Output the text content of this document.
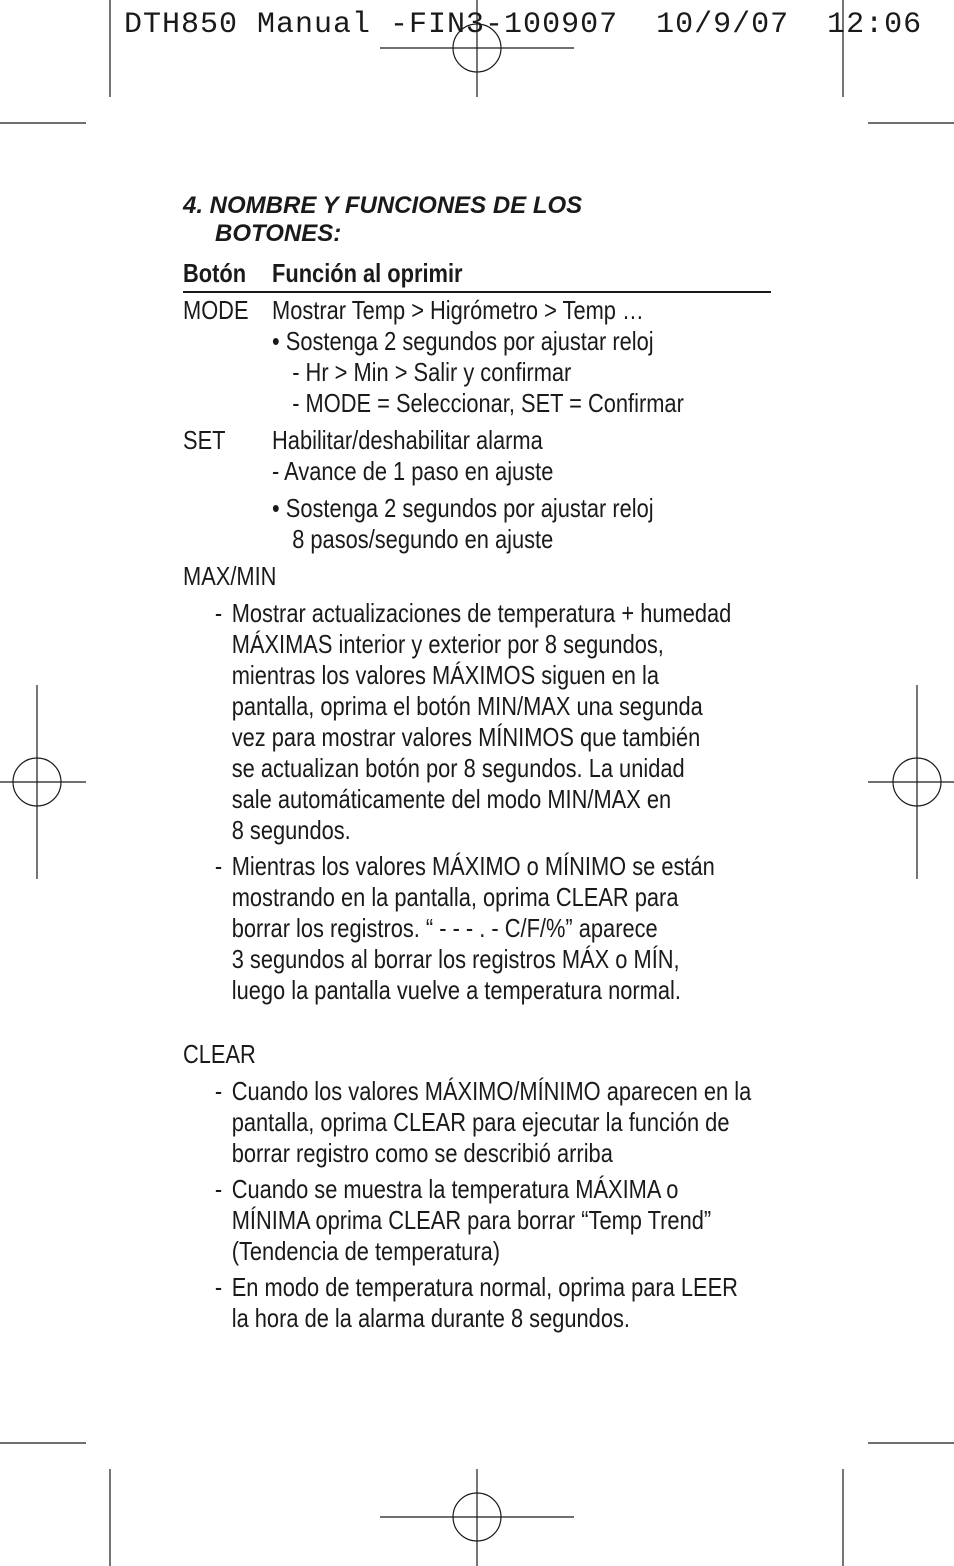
DTH850 Manual -FIN3-100907  10/9/07  12:06
4. NOMBRE Y FUNCIONES DE LOS
BOTONES:
Botón Función al oprimir
MODE Mostrar Temp > Higrómetro > Temp …
• Sostenga 2 segundos por ajustar reloj
- Hr > Min > Salir y confirmar
- MODE = Seleccionar, SET = Confirmar
SET Habilitar/deshabilitar alarma
- Avance de 1 paso en ajuste
• Sostenga 2 segundos por ajustar reloj
8 pasos/segundo en ajuste
MAX/MIN
- Mostrar actualizaciones de temperatura + humedad
MÁXIMAS interior y exterior por 8 segundos,
mientras los valores MÁXIMOS siguen en la
pantalla, oprima el botón MIN/MAX una segunda
vez para mostrar valores MÍNIMOS que también
se actualizan botón por 8 segundos. La unidad
sale automáticamente del modo MIN/MAX en
8 segundos.
- Mientras los valores MÁXIMO o MÍNIMO se están
mostrando en la pantalla, oprima CLEAR para
borrar los registros. “ - - - . - C/F/%” aparece
3 segundos al borrar los registros MÁX o MÍN,
luego la pantalla vuelve a temperatura normal.
CLEAR
- Cuando los valores MÁXIMO/MÍNIMO aparecen en la
pantalla, oprima CLEAR para ejecutar la función de
borrar registro como se describió arriba
- Cuando se muestra la temperatura MÁXIMA o
MÍNIMA oprima CLEAR para borrar “Temp Trend”
(Tendencia de temperatura)
- En modo de temperatura normal, oprima para LEER
la hora de la alarma durante 8 segundos.
